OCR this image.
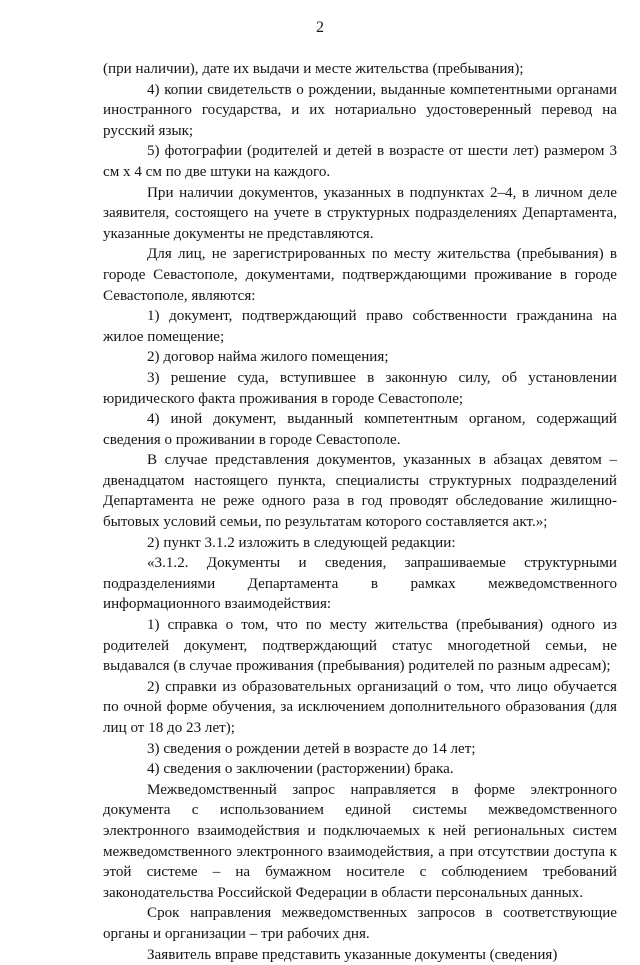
2

(при наличии), дате их выдачи и месте жительства (пребывания);

4) копии свидетельств о рождении, выданные компетентными органами иностранного государства, и их нотариально удостоверенный перевод на русский язык;

5) фотографии (родителей и детей в возрасте от шести лет) размером 3 см х 4 см по две штуки на каждого.

При наличии документов, указанных в подпунктах 2–4, в личном деле заявителя, состоящего на учете в структурных подразделениях Департамента, указанные документы не представляются.

Для лиц, не зарегистрированных по месту жительства (пребывания) в городе Севастополе, документами, подтверждающими проживание в городе Севастополе, являются:

1) документ, подтверждающий право собственности гражданина на жилое помещение;

2) договор найма жилого помещения;

3) решение суда, вступившее в законную силу, об установлении юридического факта проживания в городе Севастополе;

4) иной документ, выданный компетентным органом, содержащий сведения о проживании в городе Севастополе.

В случае представления документов, указанных в абзацах девятом – двенадцатом настоящего пункта, специалисты структурных подразделений Департамента не реже одного раза в год проводят обследование жилищно-бытовых условий семьи, по результатам которого составляется акт.»;

2) пункт 3.1.2 изложить в следующей редакции:

«3.1.2. Документы и сведения, запрашиваемые структурными подразделениями Департамента в рамках межведомственного информационного взаимодействия:

1) справка о том, что по месту жительства (пребывания) одного из родителей документ, подтверждающий статус многодетной семьи, не выдавался (в случае проживания (пребывания) родителей по разным адресам);

2) справки из образовательных организаций о том, что лицо обучается по очной форме обучения, за исключением дополнительного образования (для лиц от 18 до 23 лет);

3) сведения о рождении детей в возрасте до 14 лет;

4) сведения о заключении (расторжении) брака.

Межведомственный запрос направляется в форме электронного документа с использованием единой системы межведомственного электронного взаимодействия и подключаемых к ней региональных систем межведомственного электронного взаимодействия, а при отсутствии доступа к этой системе – на бумажном носителе с соблюдением требований законодательства Российской Федерации в области персональных данных.

Срок направления межведомственных запросов в соответствующие органы и организации – три рабочих дня.

Заявитель вправе представить указанные документы (сведения)
